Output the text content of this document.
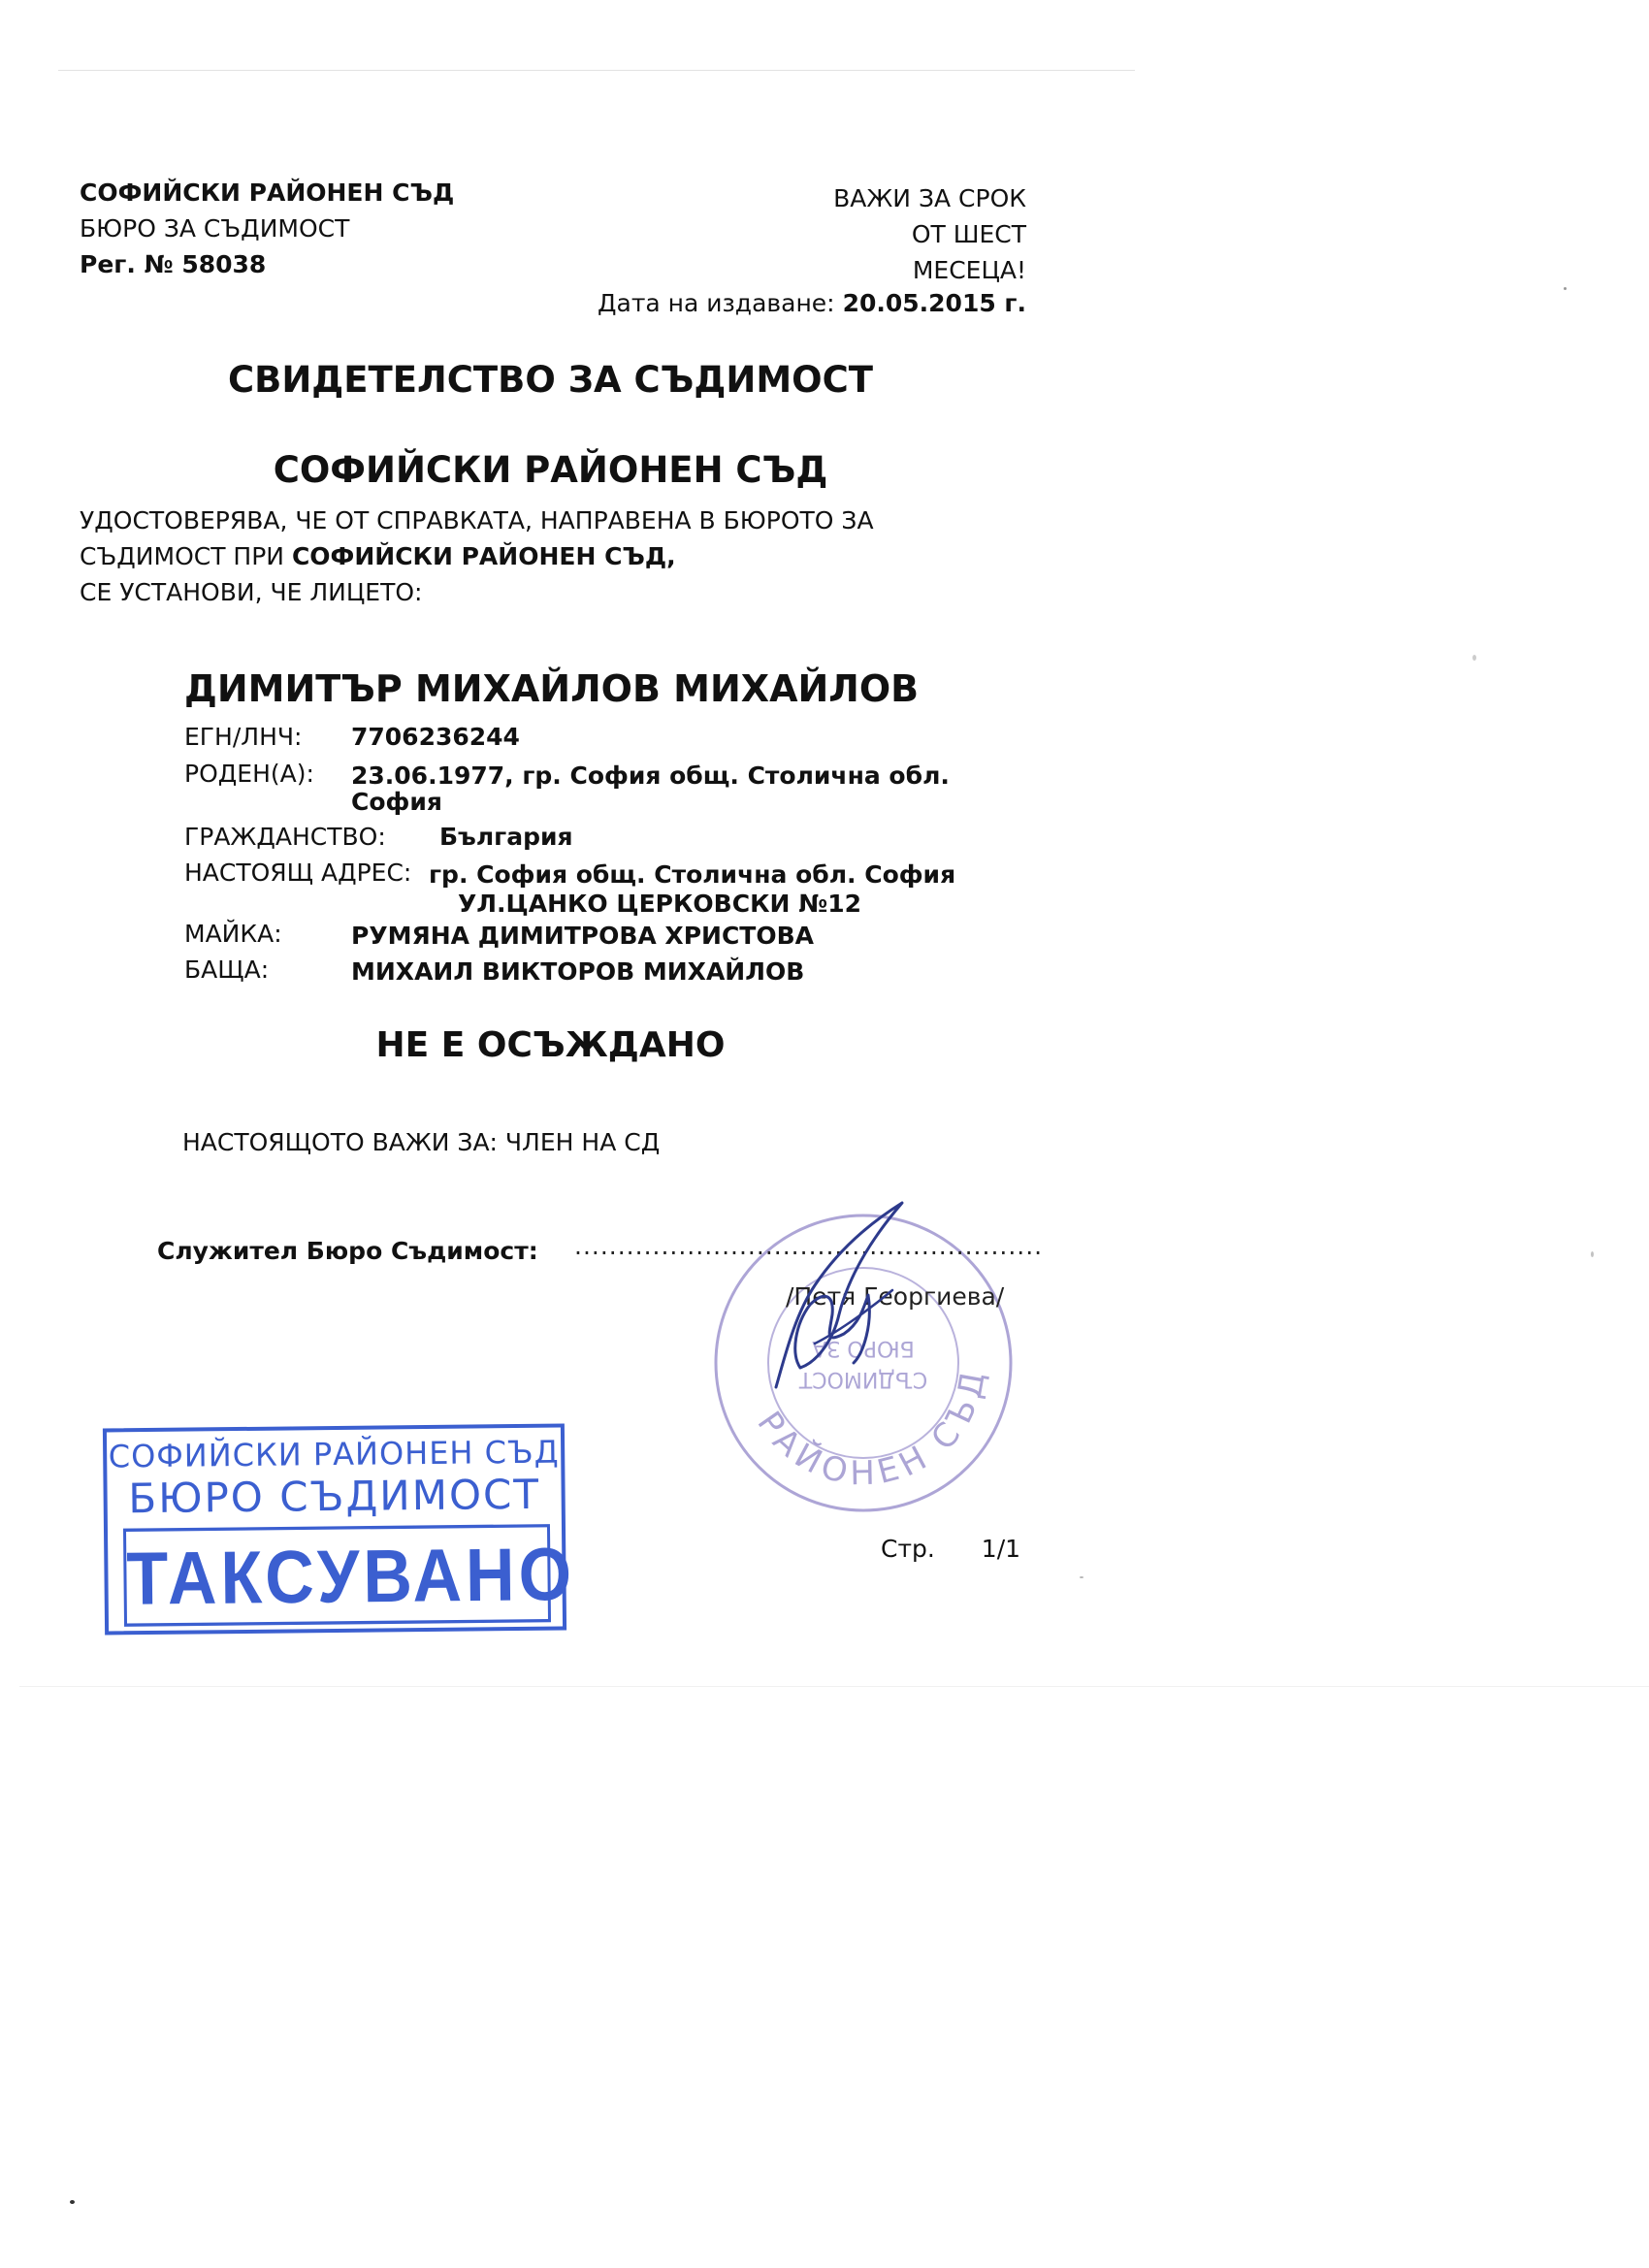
СОФИЙСКИ РАЙОНЕН СЪД
БЮРО ЗА СЪДИМОСТ
Рег. № 58038
ВАЖИ ЗА СРОК
ОТ ШЕСТ
МЕСЕЦА!
Дата на издаване: 20.05.2015 г.
СВИДЕТЕЛСТВО ЗА СЪДИМОСТ
СОФИЙСКИ РАЙОНЕН СЪД
УДОСТОВЕРЯВА, ЧЕ ОТ СПРАВКАТА, НАПРАВЕНА В БЮРОТО ЗА
СЪДИМОСТ ПРИ СОФИЙСКИ РАЙОНЕН СЪД,
СЕ УСТАНОВИ, ЧЕ ЛИЦЕТО:
ДИМИТЪР МИХАЙЛОВ МИХАЙЛОВ
ЕГН/ЛНЧ: 7706236244
РОДЕН(А): 23.06.1977, гр. София общ. Столична обл.
София
ГРАЖДАНСТВО: България
НАСТОЯЩ АДРЕС: гр. София общ. Столична обл. София
УЛ.ЦАНКО ЦЕРКОВСКИ №12
МАЙКА:	РУМЯНА ДИМИТРОВА ХРИСТОВА
БАЩА:	МИХАИЛ ВИКТОРОВ МИХАЙЛОВ
НЕ Е ОСЪЖДАНО
НАСТОЯЩОТО ВАЖИ ЗА: ЧЛЕН НА СД
РАЙОНЕН СЪД
СЪДИМОСТ
БЮРО ЗА
Служител Бюро Съдимост: ......................................................
/Петя Георгиева/
Стр. 1/1
СОФИЙСКИ РАЙОНЕН СЪД
БЮРО СЪДИМОСТ
ТАКСУВАНО
